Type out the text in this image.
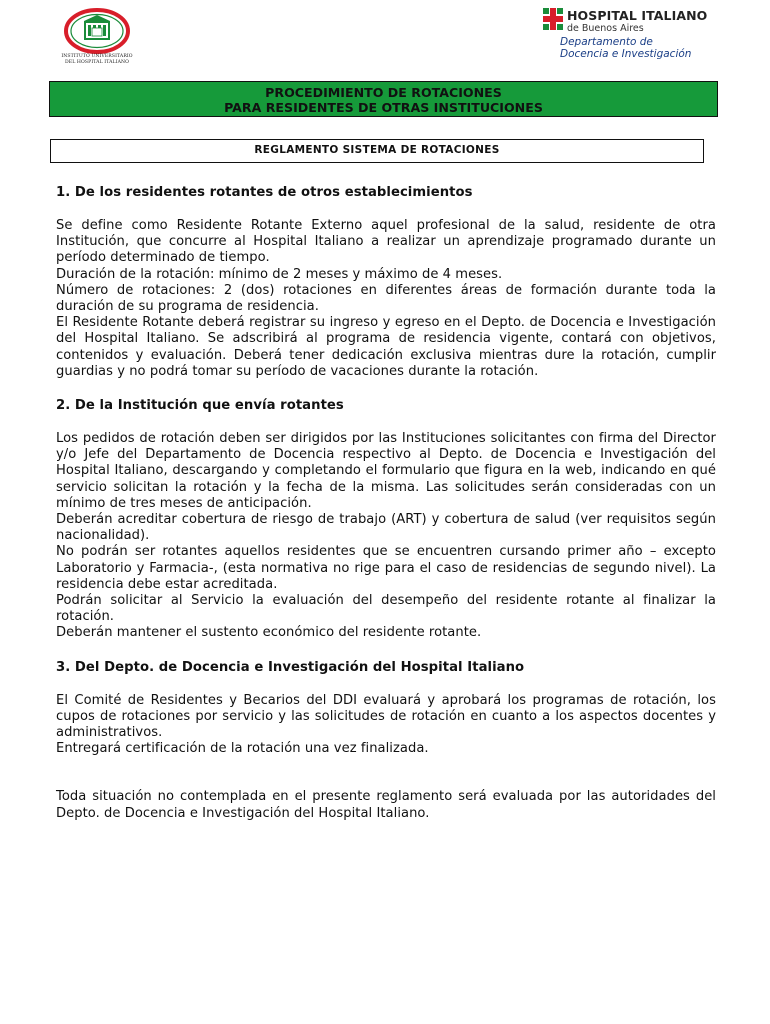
INSTITUTO UNIVERSITARIO
DEL HOSPITAL ITALIANO
HOSPITAL ITALIANO
de Buenos Aires
Departamento de
Docencia e Investigación
PROCEDIMIENTO DE ROTACIONES
PARA RESIDENTES DE OTRAS INSTITUCIONES
REGLAMENTO SISTEMA DE ROTACIONES
1. De los residentes rotantes de otros establecimientos

Se define como Residente Rotante Externo aquel profesional de la salud, residente de otra Institución, que concurre al Hospital Italiano a realizar un aprendizaje programado durante un período determinado de tiempo.

Duración de la rotación: mínimo de 2 meses y máximo de 4 meses.

Número de rotaciones: 2 (dos) rotaciones en diferentes áreas de formación durante toda la duración de su programa de residencia.

El Residente Rotante deberá registrar su ingreso y egreso en el Depto. de Docencia e Investigación del Hospital Italiano. Se adscribirá al programa de residencia vigente, contará con objetivos, contenidos y evaluación. Deberá tener dedicación exclusiva mientras dure la rotación, cumplir guardias y no podrá tomar su período de vacaciones durante la rotación.

2. De la Institución que envía rotantes

Los pedidos de rotación deben ser dirigidos por las Instituciones solicitantes con firma del Director y/o Jefe del Departamento de Docencia respectivo al Depto. de Docencia e Investigación del Hospital Italiano, descargando y completando el formulario que figura en la web, indicando en qué servicio solicitan la rotación y la fecha de la misma. Las solicitudes serán consideradas con un mínimo de tres meses de anticipación.

Deberán acreditar cobertura de riesgo de trabajo (ART) y cobertura de salud (ver requisitos según nacionalidad).

No podrán ser rotantes aquellos residentes que se encuentren cursando primer año – excepto Laboratorio y Farmacia-, (esta normativa no rige para el caso de residencias de segundo nivel). La residencia debe estar acreditada.

Podrán solicitar al Servicio la evaluación del desempeño del residente rotante al finalizar la rotación.

Deberán mantener el sustento económico del residente rotante.

3. Del Depto. de Docencia e Investigación del Hospital Italiano

El Comité de Residentes y Becarios del DDI evaluará y aprobará los programas de rotación, los cupos de rotaciones por servicio y las solicitudes de rotación en cuanto a los aspectos docentes y administrativos.

Entregará certificación de la rotación una vez finalizada.

Toda situación no contemplada en el presente reglamento será evaluada por las autoridades del Depto. de Docencia e Investigación del Hospital Italiano.
